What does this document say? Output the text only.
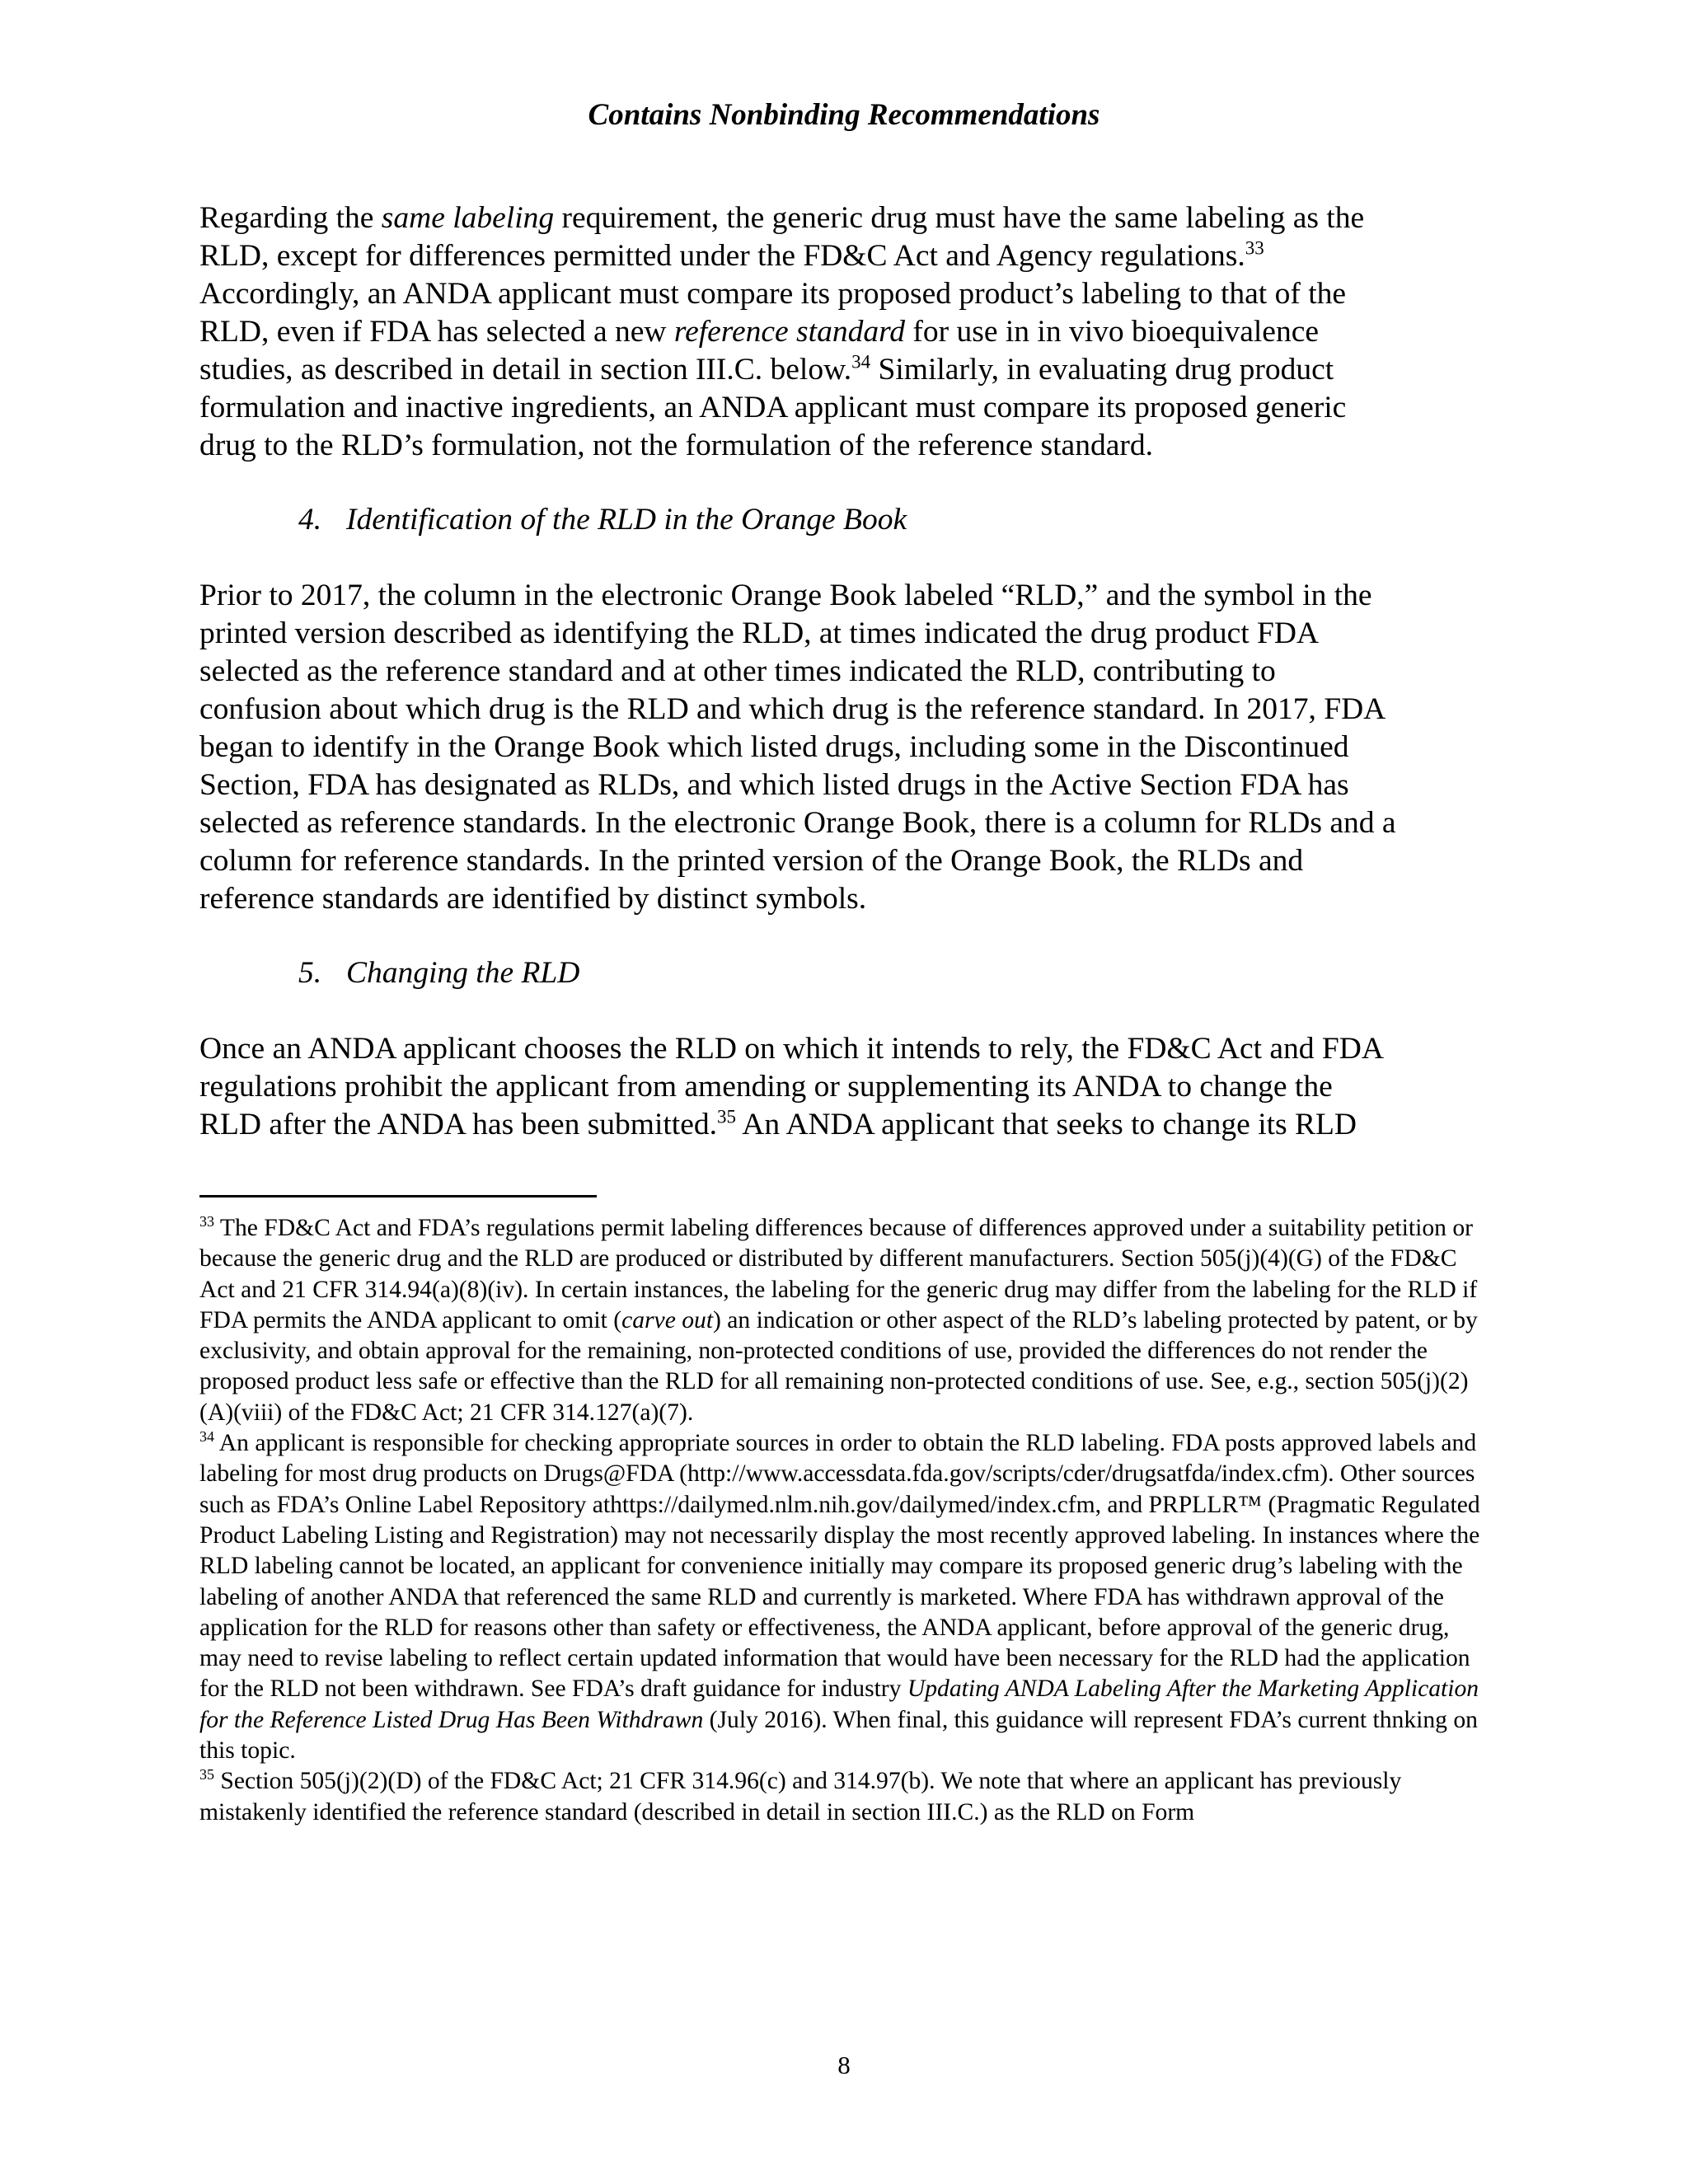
Contains Nonbinding Recommendations
Regarding the same labeling requirement, the generic drug must have the same labeling as the
RLD, except for differences permitted under the FD&C Act and Agency regulations.$^{33}$
Accordingly, an ANDA applicant must compare its proposed product’s labeling to that of the
RLD, even if FDA has selected a new reference standard for use in in vivo bioequivalence
studies, as described in detail in section III.C. below.$^{34}$ Similarly, in evaluating drug product
formulation and inactive ingredients, an ANDA applicant must compare its proposed generic
drug to the RLD’s formulation, not the formulation of the reference standard.
4. Identification of the RLD in the Orange Book
Prior to 2017, the column in the electronic Orange Book labeled “RLD,” and the symbol in the
printed version described as identifying the RLD, at times indicated the drug product FDA
selected as the reference standard and at other times indicated the RLD, contributing to
confusion about which drug is the RLD and which drug is the reference standard. In 2017, FDA
began to identify in the Orange Book which listed drugs, including some in the Discontinued
Section, FDA has designated as RLDs, and which listed drugs in the Active Section FDA has
selected as reference standards. In the electronic Orange Book, there is a column for RLDs and a
column for reference standards. In the printed version of the Orange Book, the RLDs and
reference standards are identified by distinct symbols.
5. Changing the RLD
Once an ANDA applicant chooses the RLD on which it intends to rely, the FD&C Act and FDA
regulations prohibit the applicant from amending or supplementing its ANDA to change the
RLD after the ANDA has been submitted.$^{35}$ An ANDA applicant that seeks to change its RLD

$^{33}$ The FD&C Act and FDA’s regulations permit labeling differences because of differences approved under a suitability petition or because the generic drug and the RLD are produced or distributed by different manufacturers. Section 505(j)(4)(G) of the FD&C Act and 21 CFR 314.94(a)(8)(iv). In certain instances, the labeling for the generic drug may differ from the labeling for the RLD if FDA permits the ANDA applicant to omit (carve out) an indication or other aspect of the RLD’s labeling protected by patent, or by exclusivity, and obtain approval for the remaining, non-protected conditions of use, provided the differences do not render the proposed product less safe or effective than the RLD for all remaining non-protected conditions of use. See, e.g., section 505(j)(2)(A)(viii) of the FD&C Act; 21 CFR 314.127(a)(7).

$^{34}$ An applicant is responsible for checking appropriate sources in order to obtain the RLD labeling. FDA posts approved labels and labeling for most drug products on Drugs@FDA (http://www.accessdata.fda.gov/scripts/cder/drugsatfda/index.cfm). Other sources such as FDA’s Online Label Repository athttps://dailymed.nlm.nih.gov/dailymed/index.cfm, and PRPLLR™ (Pragmatic Regulated Product Labeling Listing and Registration) may not necessarily display the most recently approved labeling. In instances where the RLD labeling cannot be located, an applicant for convenience initially may compare its proposed generic drug’s labeling with the labeling of another ANDA that referenced the same RLD and currently is marketed. Where FDA has withdrawn approval of the application for the RLD for reasons other than safety or effectiveness, the ANDA applicant, before approval of the generic drug, may need to revise labeling to reflect certain updated information that would have been necessary for the RLD had the application for the RLD not been withdrawn. See FDA’s draft guidance for industry Updating ANDA Labeling After the Marketing Application for the Reference Listed Drug Has Been Withdrawn (July 2016). When final, this guidance will represent FDA’s current thnking on this topic.

$^{35}$ Section 505(j)(2)(D) of the FD&C Act; 21 CFR 314.96(c) and 314.97(b). We note that where an applicant has previously mistakenly identified the reference standard (described in detail in section III.C.) as the RLD on Form

8
